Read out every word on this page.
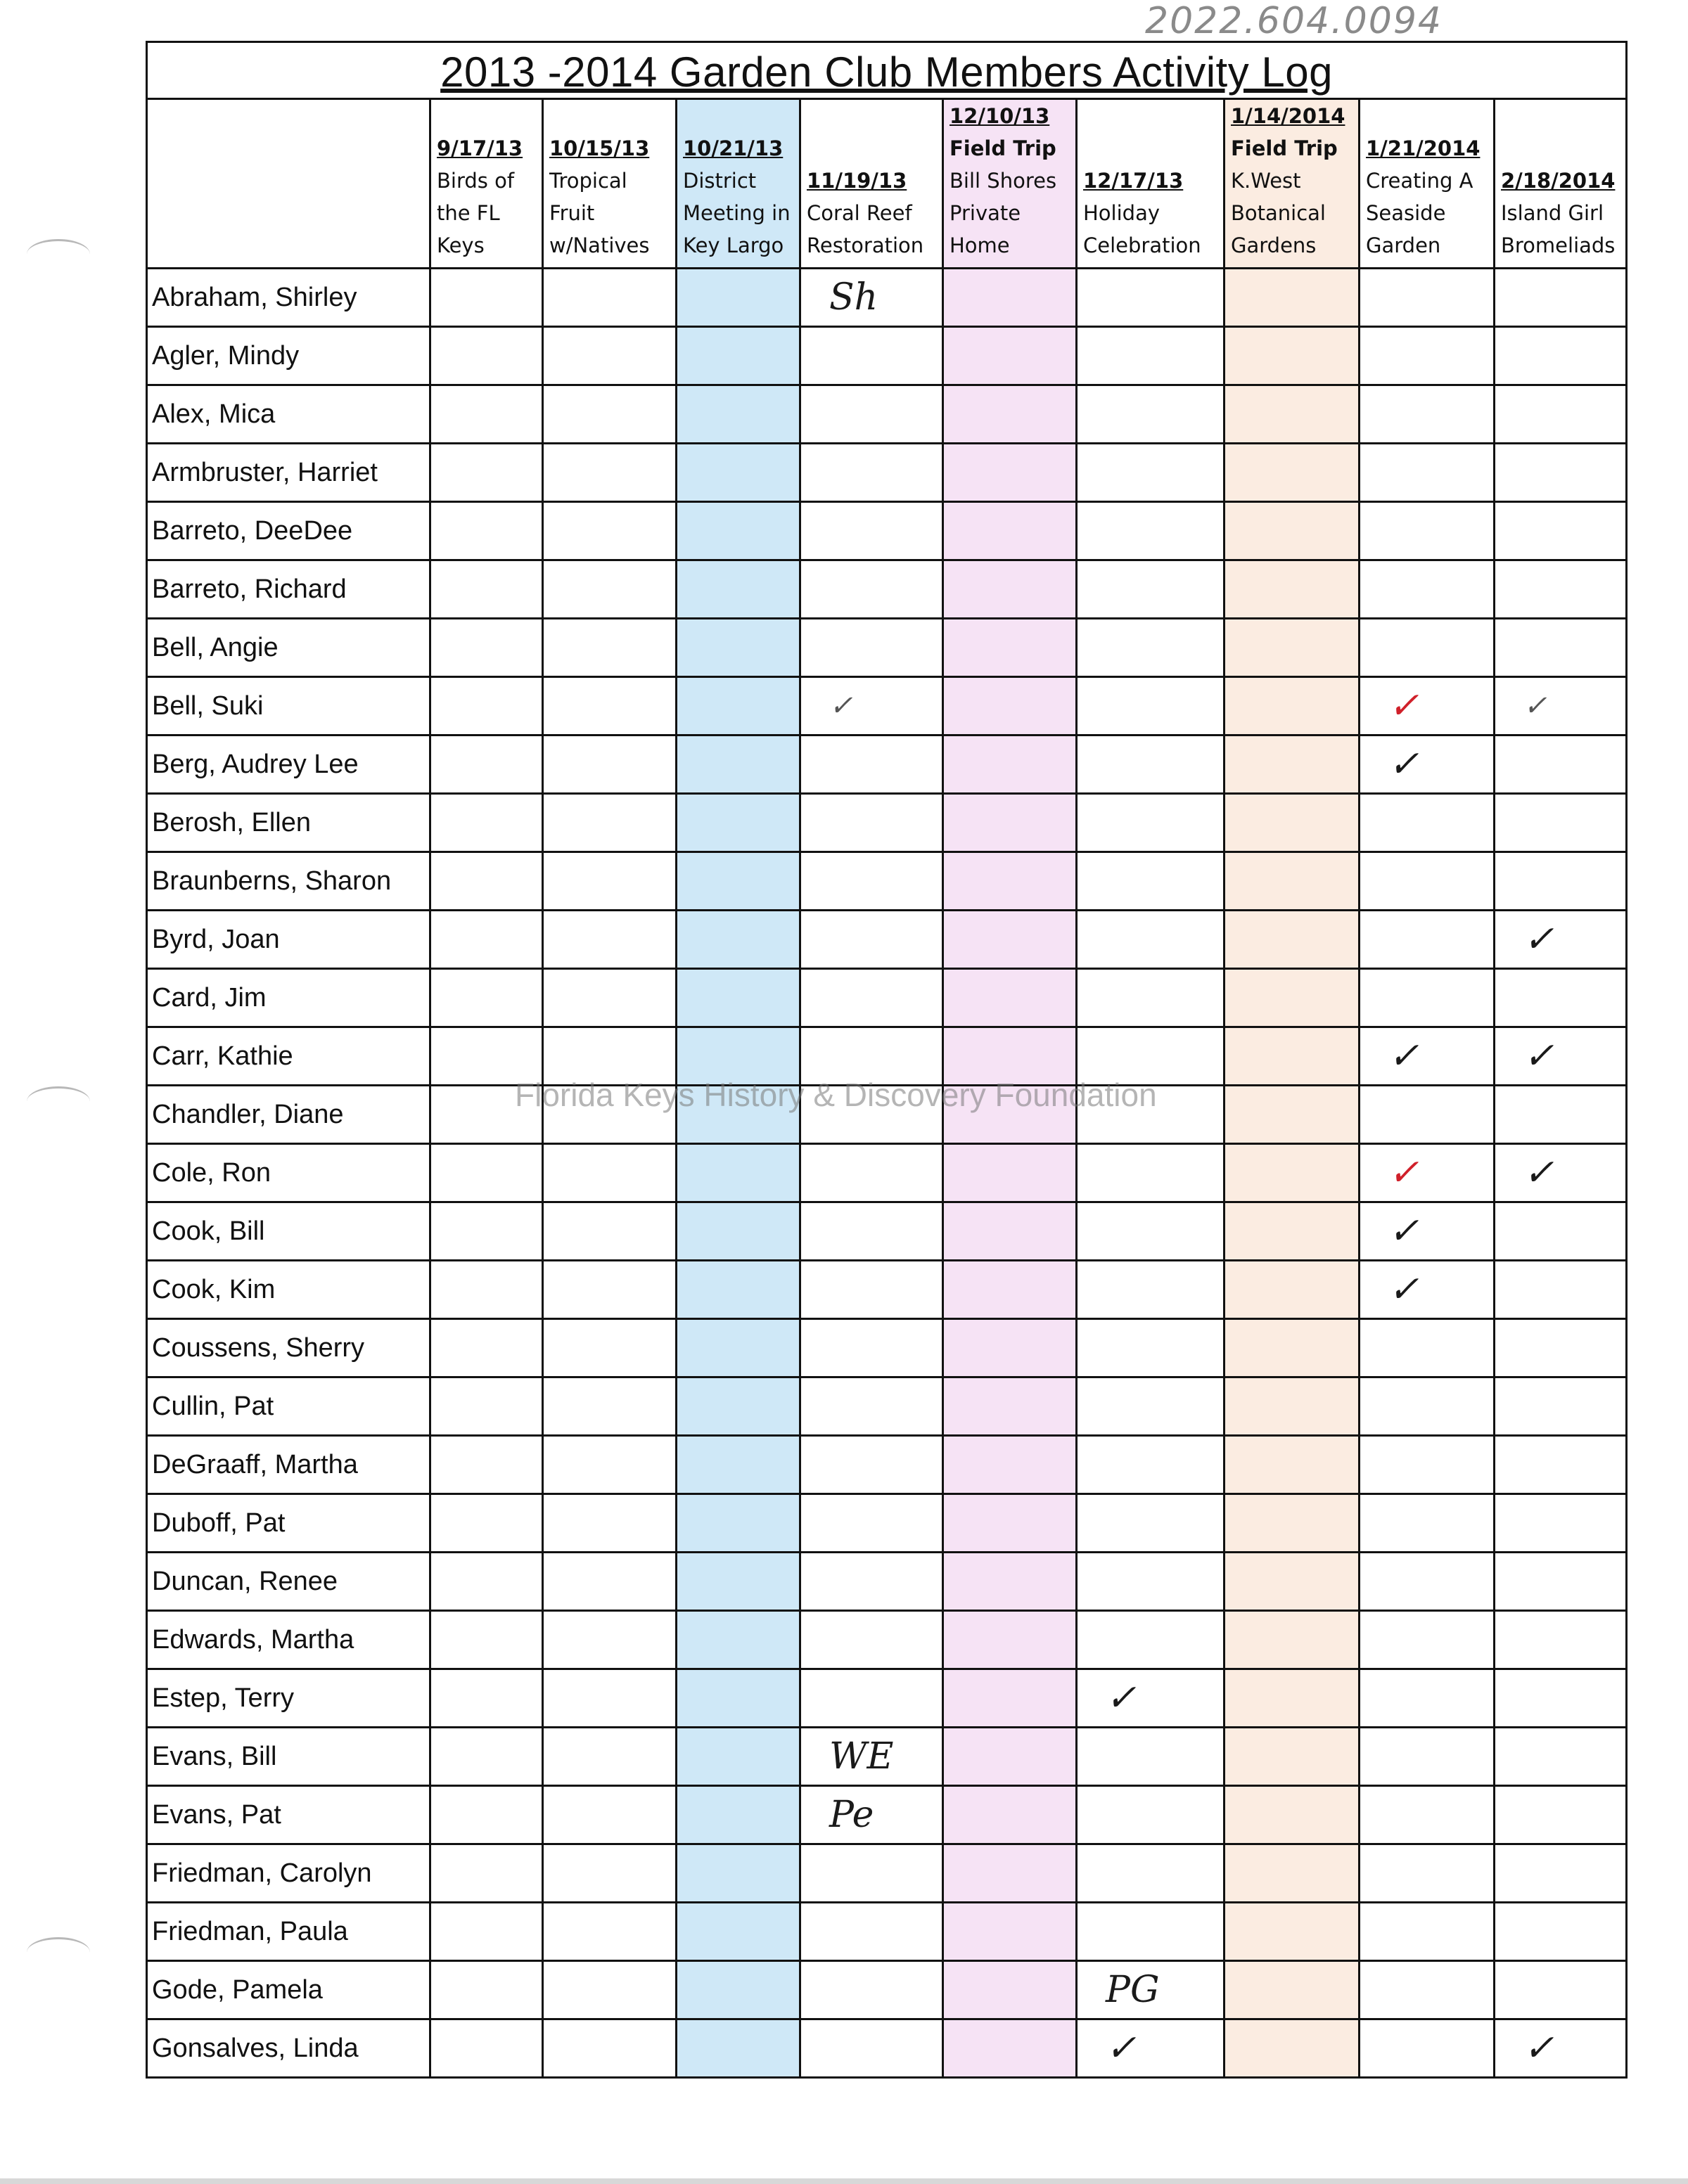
2022.604.0094
2013 -2014 Garden Club Members Activity Log									

	9/17/13
Birds of
the FL
Keys	10/15/13
Tropical
Fruit
w/Natives	10/21/13
District
Meeting in
Key Largo	11/19/13
Coral Reef
Restoration	12/10/13
Field Trip
Bill Shores
Private
Home	12/17/13
Holiday
Celebration	1/14/2014
Field Trip
K.West
Botanical
Gardens	1/21/2014
Creating A
Seaside
Garden	2/18/2014
Island Girl
Bromeliads

Abraham, Shirley				Sh					

Agler, Mindy									
Alex, Mica									
Armbruster, Harriet									
Barreto, DeeDee									
Barreto, Richard									
Bell, Angie									
Bell, Suki				✓				✓	✓

Berg, Audrey Lee								✓	

Berosh, Ellen									
Braunberns, Sharon									
Byrd, Joan									✓

Card, Jim									
Carr, Kathie								✓	✓

Chandler, Diane									
Cole, Ron								✓	✓

Cook, Bill								✓	

Cook, Kim								✓	

Coussens, Sherry									
Cullin, Pat									
DeGraaff, Martha									
Duboff, Pat									
Duncan, Renee									
Edwards, Martha									
Estep, Terry						✓			

Evans, Bill				WE					

Evans, Pat				Pe					

Friedman, Carolyn									
Friedman, Paula									
Gode, Pamela						PG			

Gonsalves, Linda						✓			✓
Florida Keys History & Discovery Foundation
